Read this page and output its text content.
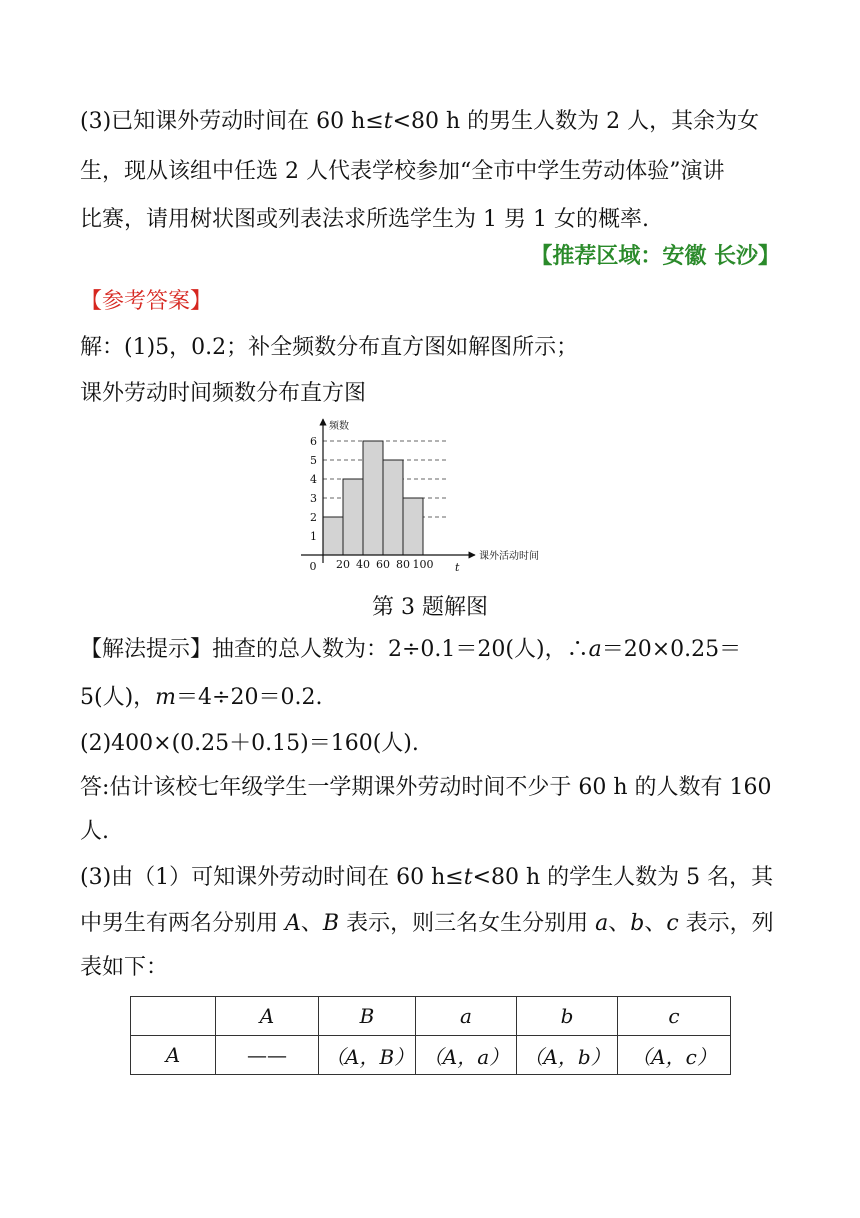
(3)已知课外劳动时间在 60 h≤t<80 h 的男生人数为 2 人，其余为女
生，现从该组中任选 2 人代表学校参加“全市中学生劳动体验”演讲
比赛，请用树状图或列表法求所选学生为 1 男 1 女的概率.
【推荐区域：安徽 长沙】
【参考答案】
解：(1)5，0.2；补全频数分布直方图如解图所示；
课外劳动时间频数分布直方图
1
2
3
4
5
6
0 20 40 60 80 100
频数
课外活动时间
t
第 3 题解图
【解法提示】抽查的总人数为：2÷0.1＝20(人)，∴a＝20×0.25＝
5(人)，m＝4÷20＝0.2.
(2)400×(0.25＋0.15)＝160(人).
答:估计该校七年级学生一学期课外劳动时间不少于 60 h 的人数有 160
人.
(3)由（1）可知课外劳动时间在 60 h≤t<80 h 的学生人数为 5 名，其
中男生有两名分别用 A、B 表示，则三名女生分别用 a、b、c 表示，列
表如下：
	A	B	a	b	c
A	——	（A，B）	（A，a）	（A，b）	（A，c）
